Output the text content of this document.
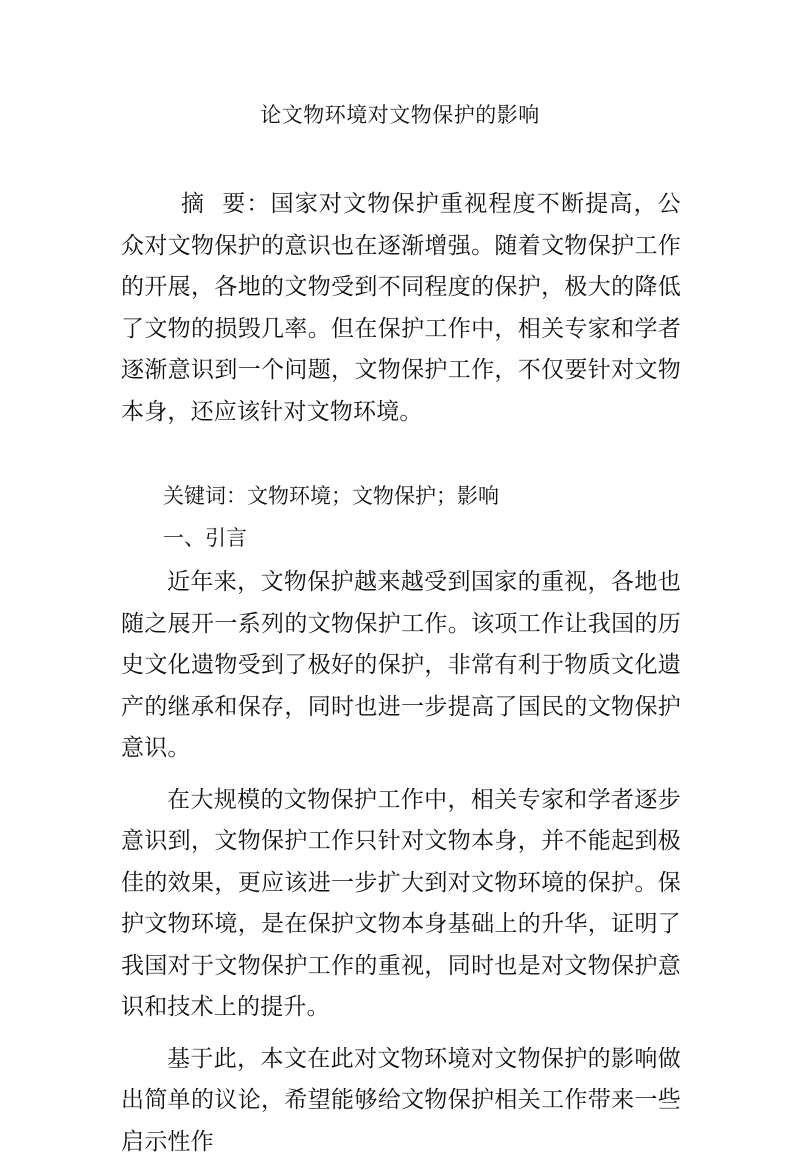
论文物环境对文物保护的影响
摘  要：国家对文物保护重视程度不断提高，公众对文物保护的意识也在逐渐增强。随着文物保护工作的开展，各地的文物受到不同程度的保护，极大的降低了文物的损毁几率。但在保护工作中，相关专家和学者逐渐意识到一个问题，文物保护工作，不仅要针对文物本身，还应该针对文物环境。
关键词：文物环境；文物保护；影响
一、引言

近年来，文物保护越来越受到国家的重视，各地也随之展开一系列的文物保护工作。该项工作让我国的历史文化遗物受到了极好的保护，非常有利于物质文化遗产的继承和保存，同时也进一步提高了国民的文物保护意识。

在大规模的文物保护工作中，相关专家和学者逐步意识到，文物保护工作只针对文物本身，并不能起到极佳的效果，更应该进一步扩大到对文物环境的保护。保护文物环境，是在保护文物本身基础上的升华，证明了我国对于文物保护工作的重视，同时也是对文物保护意识和技术上的提升。

基于此，本文在此对文物环境对文物保护的影响做出简单的议论，希望能够给文物保护相关工作带来一些启示性作
